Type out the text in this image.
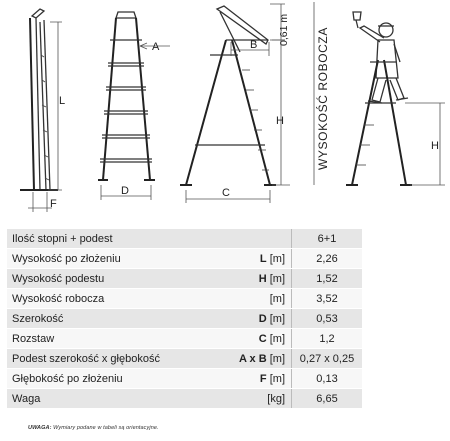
L
F
A
D
B 0,61 m
H
C
WYSOKOŚĆ ROBOCZA	H
Ilość stopni + podest		6+1
Wysokość po złożeniu	L [m]	2,26
Wysokość podestu	H [m]	1,52
Wysokość robocza	[m]	3,52
Szerokość	D [m]	0,53
Rozstaw	C [m]	1,2
Podest szerokość x głębokość	A x B [m]	0,27 x 0,25
Głębokość po złożeniu	F [m]	0,13
Waga	[kg]	6,65
UWAGA: Wymiary podane w tabeli są orientacyjne.
